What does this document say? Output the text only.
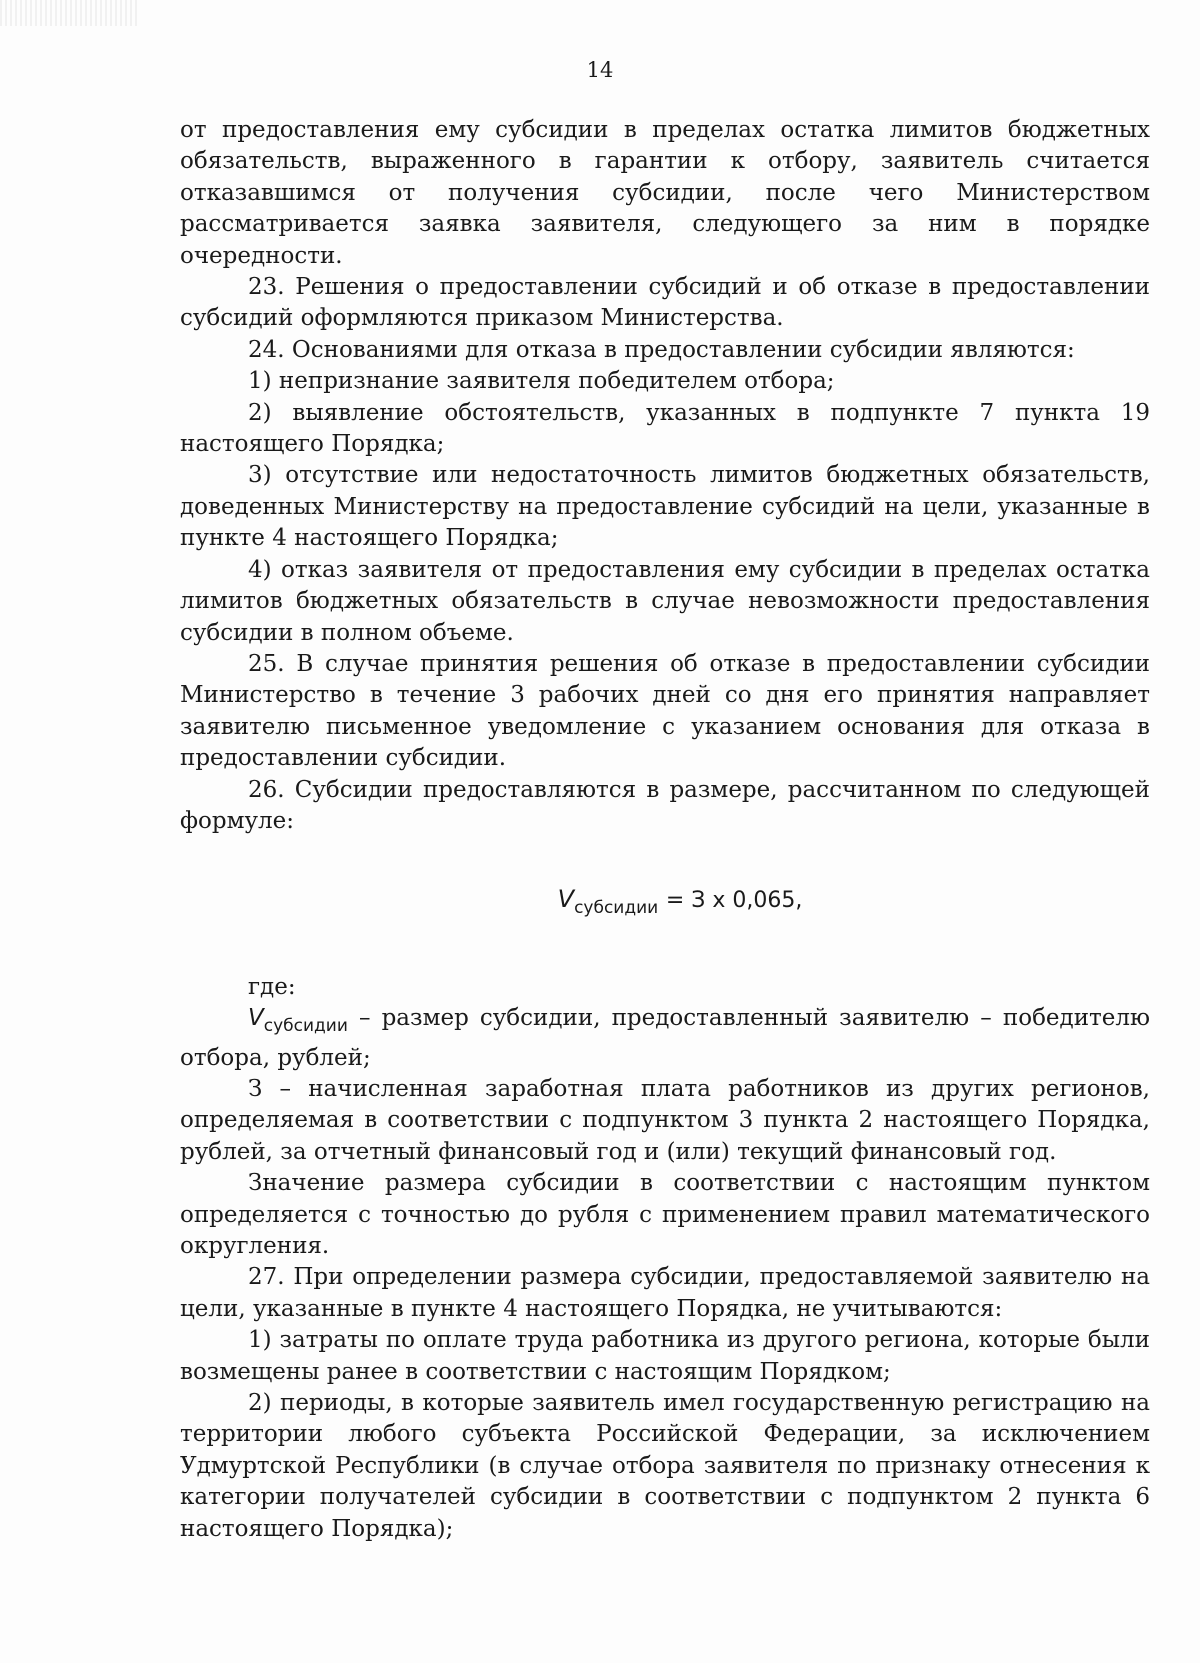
14

от предоставления ему субсидии в пределах остатка лимитов бюджетных обязательств, выраженного в гарантии к отбору, заявитель считается отказавшимся от получения субсидии, после чего Министерством рассматривается заявка заявителя, следующего за ним в порядке очередности.

23. Решения о предоставлении субсидий и об отказе в предоставлении субсидий оформляются приказом Министерства.

24. Основаниями для отказа в предоставлении субсидии являются:

1) непризнание заявителя победителем отбора;

2) выявление обстоятельств, указанных в подпункте 7 пункта 19 настоящего Порядка;

3) отсутствие или недостаточность лимитов бюджетных обязательств, доведенных Министерству на предоставление субсидий на цели, указанные в пункте 4 настоящего Порядка;

4) отказ заявителя от предоставления ему субсидии в пределах остатка лимитов бюджетных обязательств в случае невозможности предоставления субсидии в полном объеме.

25. В случае принятия решения об отказе в предоставлении субсидии Министерство в течение 3 рабочих дней со дня его принятия направляет заявителю письменное уведомление с указанием основания для отказа в предоставлении субсидии.

26. Субсидии предоставляются в размере, рассчитанном по следующей формуле:

$V_{субсидии} = З$ x 0,065,

где:

$V_{субсидии}$ – размер субсидии, предоставленный заявителю – победителю отбора, рублей;

З – начисленная заработная плата работников из других регионов, определяемая в соответствии с подпунктом 3 пункта 2 настоящего Порядка, рублей, за отчетный финансовый год и (или) текущий финансовый год.

Значение размера субсидии в соответствии с настоящим пунктом определяется с точностью до рубля с применением правил математического округления.

27. При определении размера субсидии, предоставляемой заявителю на цели, указанные в пункте 4 настоящего Порядка, не учитываются:

1) затраты по оплате труда работника из другого региона, которые были возмещены ранее в соответствии с настоящим Порядком;

2) периоды, в которые заявитель имел государственную регистрацию на территории любого субъекта Российской Федерации, за исключением Удмуртской Республики (в случае отбора заявителя по признаку отнесения к категории получателей субсидии в соответствии с подпунктом 2 пункта 6 настоящего Порядка);
